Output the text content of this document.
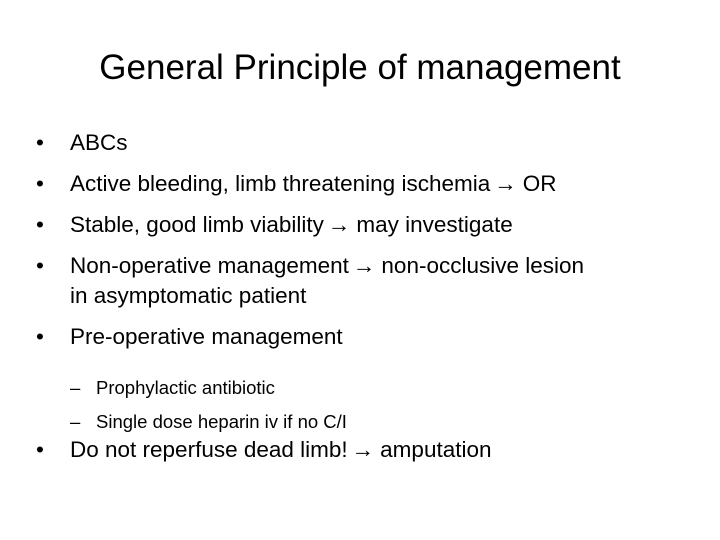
General Principle of management
•	ABCs
•	Active bleeding, limb threatening ischemia → OR
•	Stable, good limb viability → may investigate
•	Non-operative management → non-occlusive lesion
in asymptomatic patient
•	Pre-operative management
– Prophylactic antibiotic
– Single dose heparin iv if no C/I
•	Do not reperfuse dead limb! → amputation
